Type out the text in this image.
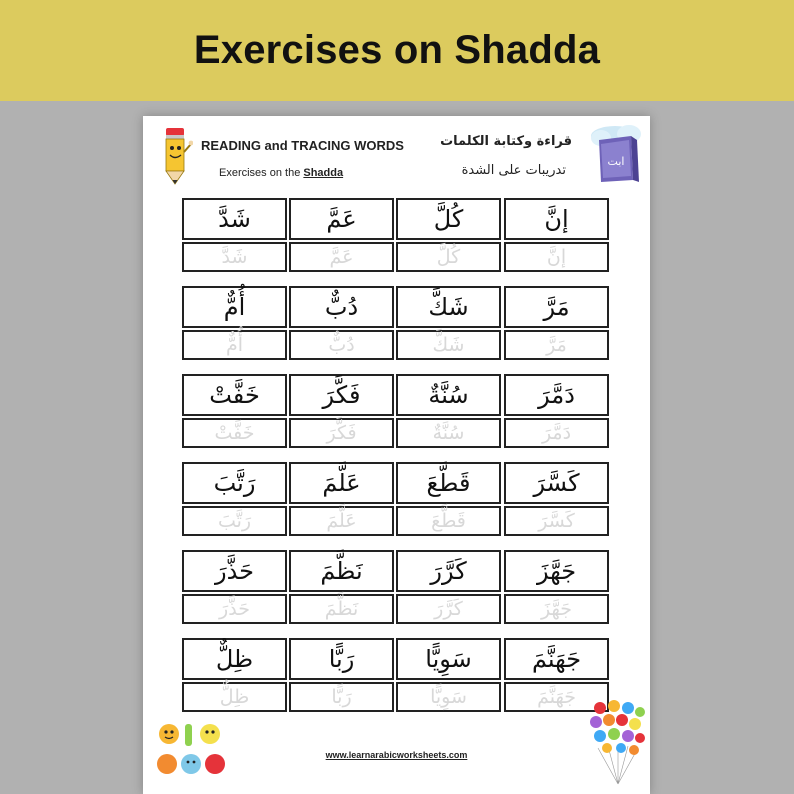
Exercises on Shadda
READING and TRACING WORDS
Exercises on the Shadda
قراءة وكتابة الكلمات
تدريبات على الشدة
ابت
إنَّ
كُلَّ
عَمَّ
شَدَّ
إنَّ
كُلَّ
عَمَّ
شَدَّ
مَرَّ
شَكَّ
دُبٌّ
أُمٌّ
مَرَّ
شَكَّ
دُبٌّ
أُمٌّ
دَمَّرَ
سُنَّةٌ
فَكَّرَ
خَفَّتْ
دَمَّرَ
سُنَّةٌ
فَكَّرَ
خَفَّتْ
كَسَّرَ
قَطَّعَ
عَلَّمَ
رَتَّبَ
كَسَّرَ
قَطَّعَ
عَلَّمَ
رَتَّبَ
جَهَّزَ
كَرَّرَ
نَظَّمَ
حَذَّرَ
جَهَّزَ
كَرَّرَ
نَظَّمَ
حَذَّرَ
جَهَنَّمَ
سَوِيًّا
رَبًّا
ظِلٌّ
جَهَنَّمَ
سَوِيًّا
رَبًّا
ظِلٌّ
www.learnarabicworksheets.com
